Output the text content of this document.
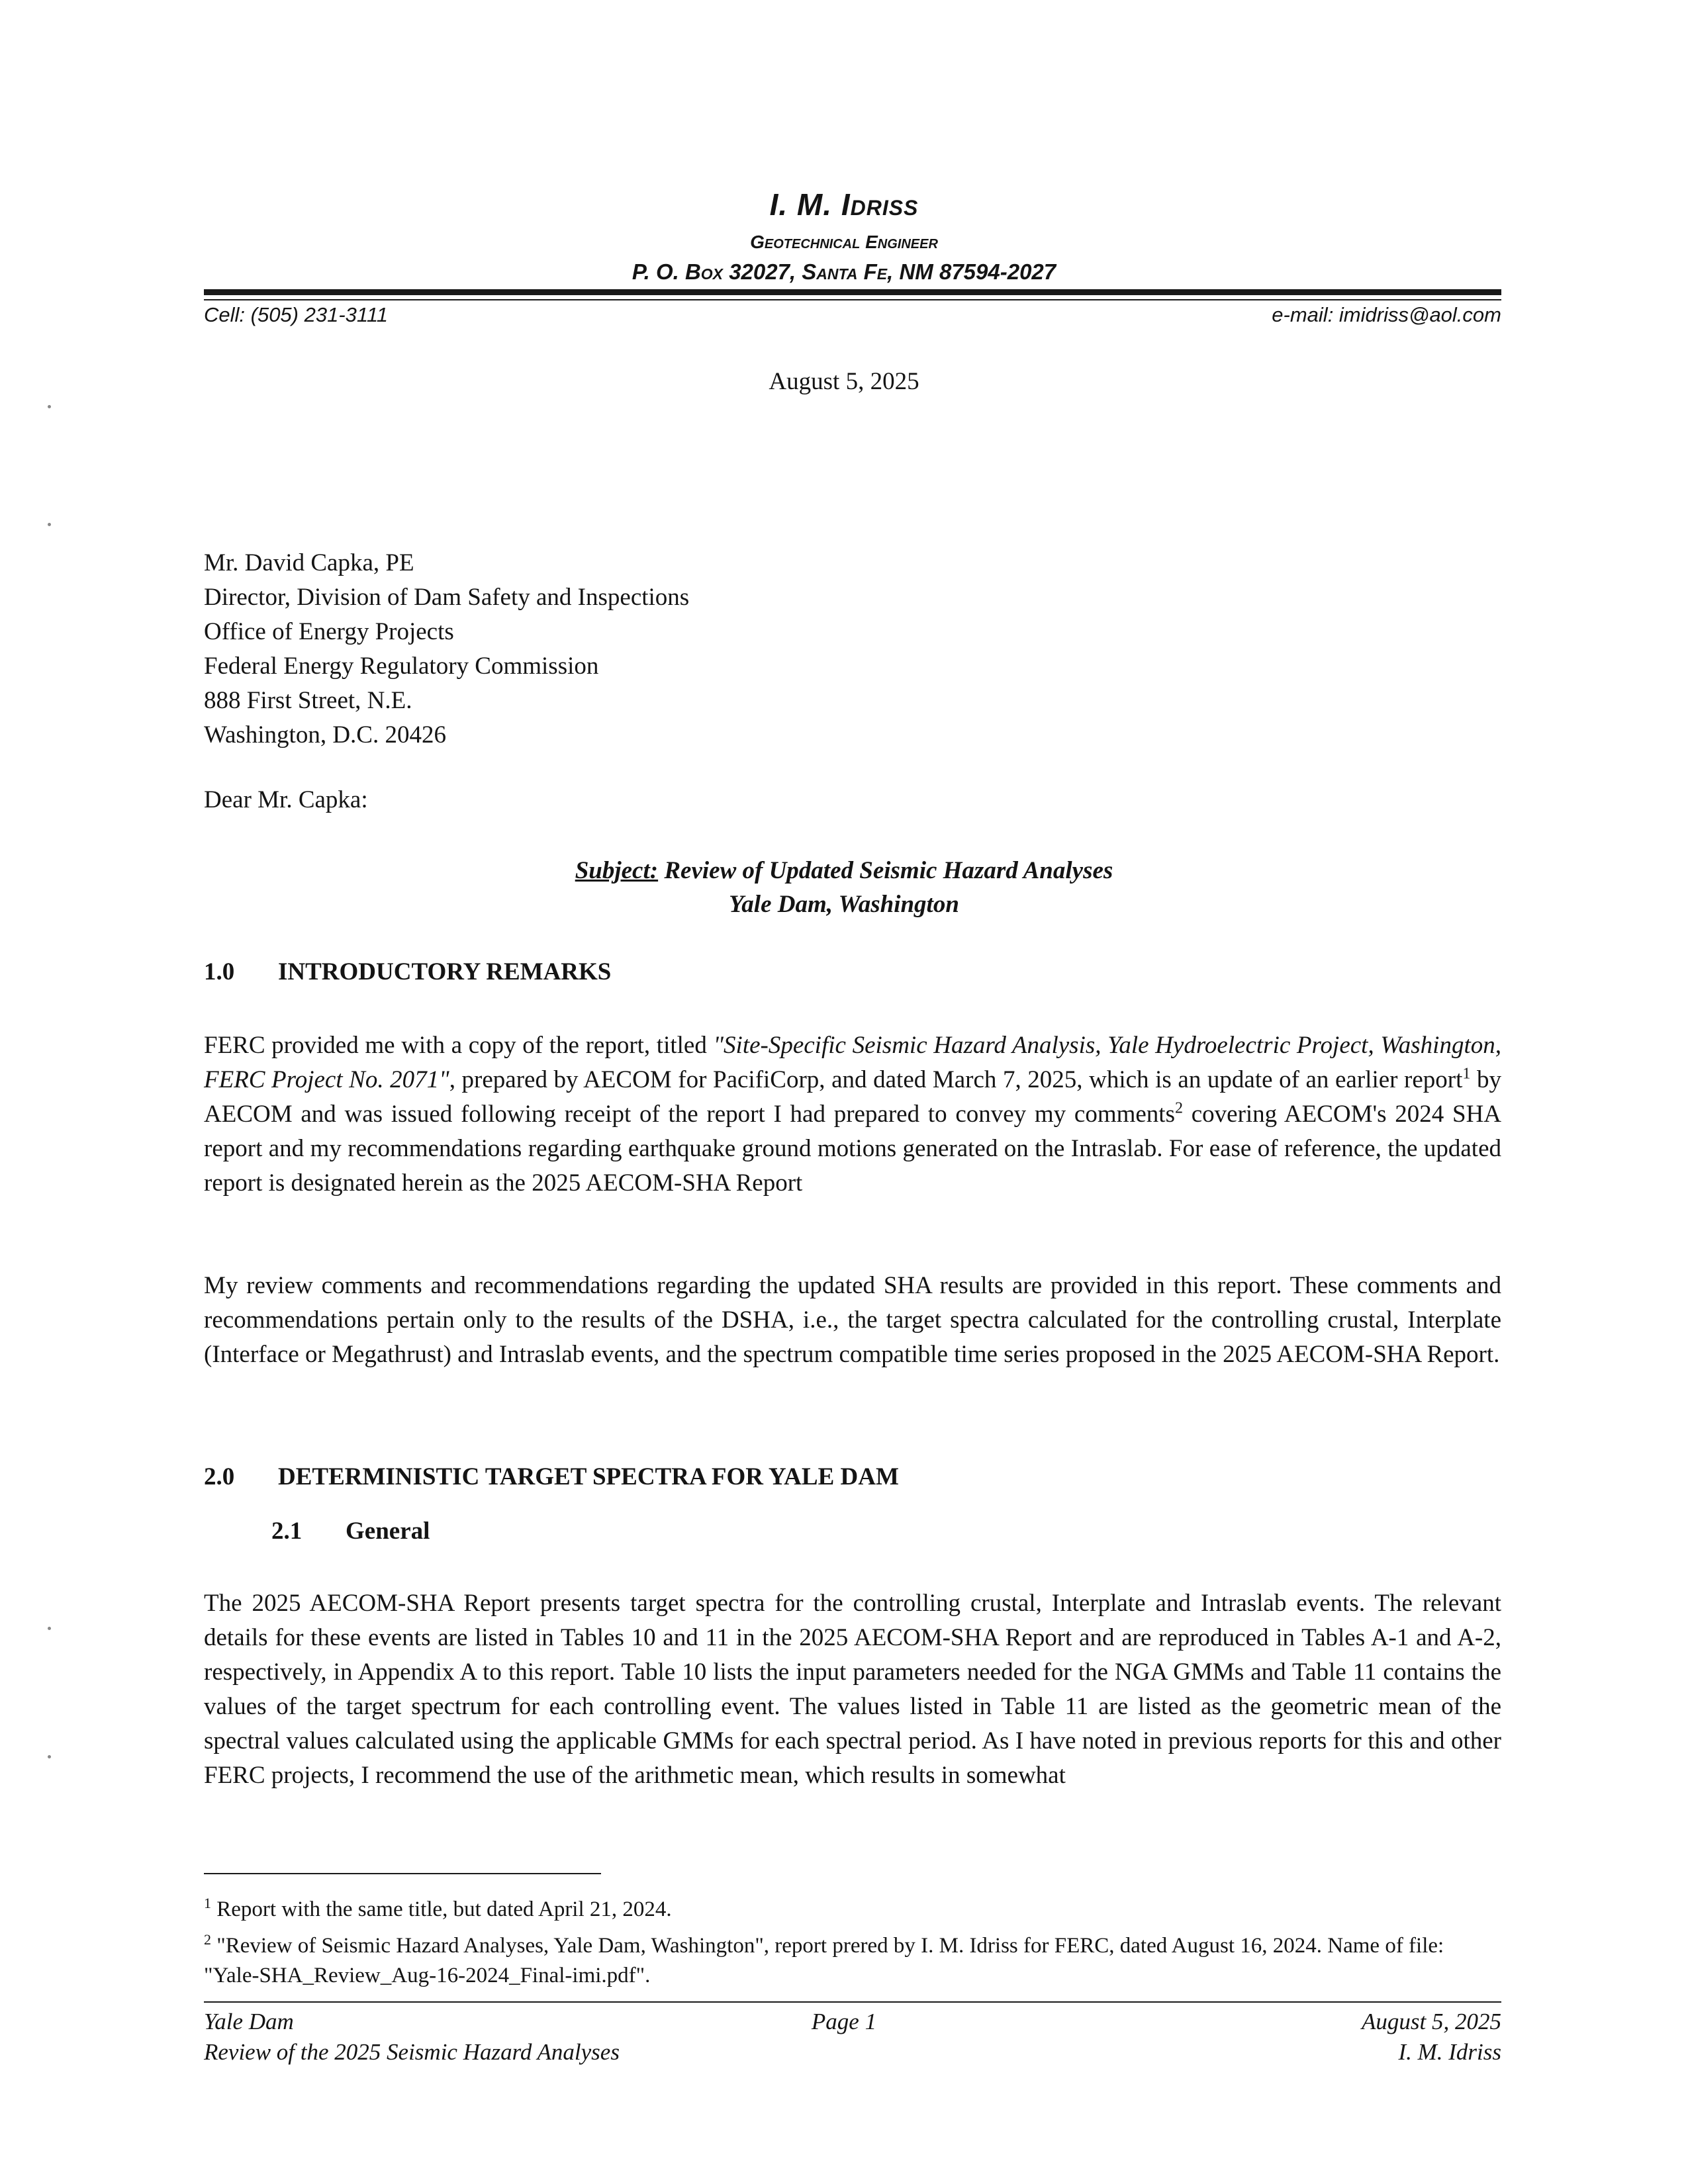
I. M. Idriss
Geotechnical Engineer
P. O. Box 32027, Santa Fe, NM 87594-2027
Cell: (505) 231-3111	e-mail: imidriss@aol.com
August 5, 2025
Mr. David Capka, PE
Director, Division of Dam Safety and Inspections
Office of Energy Projects
Federal Energy Regulatory Commission
888 First Street, N.E.
Washington, D.C. 20426
Dear Mr. Capka:
Subject: Review of Updated Seismic Hazard Analyses
Yale Dam, Washington
1.0 INTRODUCTORY REMARKS
FERC provided me with a copy of the report, titled "Site-Specific Seismic Hazard Analysis, Yale Hydroelectric Project, Washington, FERC Project No. 2071", prepared by AECOM for PacifiCorp, and dated March 7, 2025, which is an update of an earlier report$^1$ by AECOM and was issued following receipt of the report I had prepared to convey my comments$^2$ covering AECOM's 2024 SHA report and my recommendations regarding earthquake ground motions generated on the Intraslab. For ease of reference, the updated report is designated herein as the 2025 AECOM-SHA Report
My review comments and recommendations regarding the updated SHA results are provided in this report. These comments and recommendations pertain only to the results of the DSHA, i.e., the target spectra calculated for the controlling crustal, Interplate (Interface or Megathrust) and Intraslab events, and the spectrum compatible time series proposed in the 2025 AECOM-SHA Report.
2.0 DETERMINISTIC TARGET SPECTRA FOR YALE DAM
2.1 General
The 2025 AECOM-SHA Report presents target spectra for the controlling crustal, Interplate and Intraslab events. The relevant details for these events are listed in Tables 10 and 11 in the 2025 AECOM-SHA Report and are reproduced in Tables A-1 and A-2, respectively, in Appendix A to this report. Table 10 lists the input parameters needed for the NGA GMMs and Table 11 contains the values of the target spectrum for each controlling event. The values listed in Table 11 are listed as the geometric mean of the spectral values calculated using the applicable GMMs for each spectral period. As I have noted in previous reports for this and other FERC projects, I recommend the use of the arithmetic mean, which results in somewhat
$^1$ Report with the same title, but dated April 21, 2024.
$^2$ "Review of Seismic Hazard Analyses, Yale Dam, Washington", report prered by I. M. Idriss for FERC, dated August 16, 2024. Name of file: "Yale-SHA_Review_Aug-16-2024_Final-imi.pdf".
Yale Dam
Review of the 2025 Seismic Hazard Analyses
Page 1	August 5, 2025
I. M. Idriss
